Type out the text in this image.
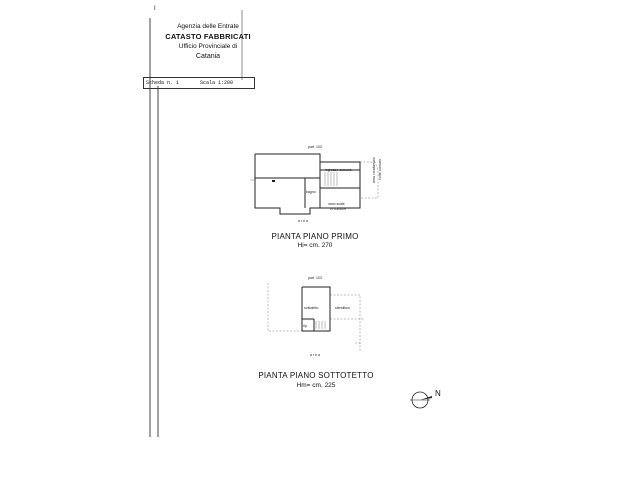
Agenzia delle Entrate
CATASTO FABBRICATI
Ufficio Provinciale di
Catania
I
Scheda n. 1	Scala 1:200
part. 103
ingresso comune
bagno
vano scale
in comune
area condominio corte comune
area
PIANTA PIANO PRIMO
Hi= cm. 270
part. 103
sottotetto	stenditoio
rip.
area
PIANTA PIANO SOTTOTETTO
Hm= cm. 225
N
